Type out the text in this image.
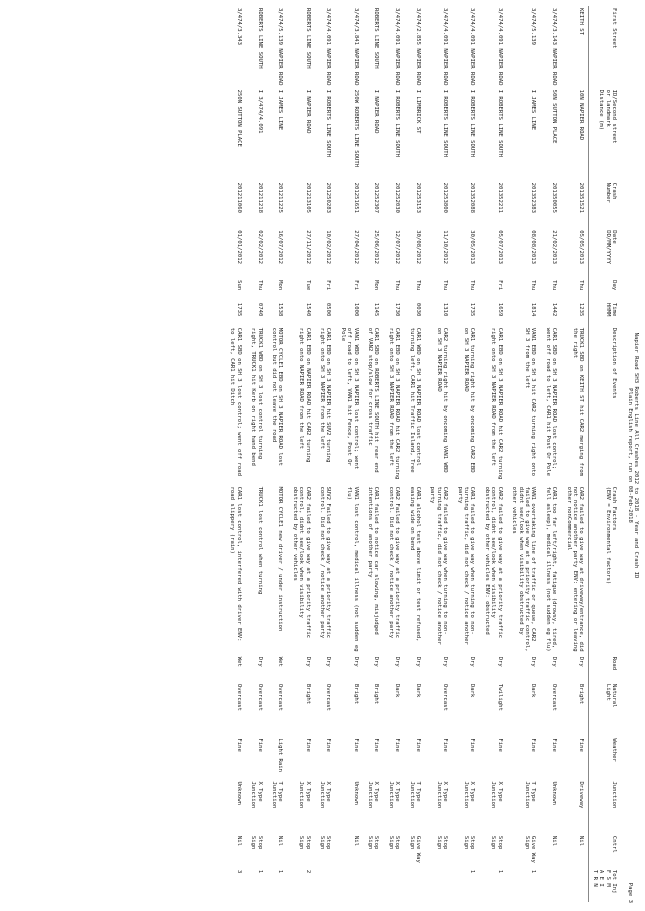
Napier Road SH3 Roberts Line All Crashes 2012 to 2018 - Year and Crash ID
Plain English report, run on 08-Feb-2018
Page 3
First Street	ID/Second street
or landmark
Distance (m)	Crash
Number	Date
DD/MM/YYYY	Day	Time
HHMM	Description of Events	Crash Factors
(ENV = Environmental factors)	Road	Natural
Light	Weather	Junction	Cntrl	Tot Inj
F S M
A E I
T R N
KEITH ST	10N NAPIER ROAD	201351521	05/05/2013	Thu	1235	TRUCK1 SBD on KEITH ST hit CAR2 merging from the right	CAR2 failed to give way at driveway/entrance, did not notice another party ENV: entering or leaving other nonCommercial	Dry	Bright	Fine	Driveway	Nil	
3/474/3.143 NAPIER ROAD	50N SUTTON PLACE	201350055	21/02/2013	Thu	1442	CAR1 SBD on SH 3 NAPIER ROAD lost control; went off road to left, CAR1 hit Post Or Pole	CAR1 too far left/right, fatigue (drowsy, tired, fell asleep), medical illness (not sudden eg flu)	Dry	Overcast	Fine	Unknown	Nil	
3/474/5.139	I JAMES LINE	201352383	08/08/2013	Thu	1814	VAN1 EBD on SH 3 hit CAR2 turning right onto SH 3 from the left	VAN1 overtaking line of traffic or queue, CAR2 failed to give way at a priority traffic control, didnt see/look when visibility obstructed by other vehicles	Dry	Dark	Fine	T Type Junction	Give Way Sign	1
3/474/4.091 NAPIER ROAD	I ROBERTS LINE SOUTH	201352211	05/07/2013	Fri	1659	CAR1 EBD on SH 3 NAPIER ROAD hit CAR2 turning right onto SH 3 NAPIER ROAD from the left	CAR2 failed to give way at a priority traffic control, didnt see/look when visibility obstructed by other vehicles ENV: obstructed	Dry	Twilight	Fine	X Type Junction	Stop Sign	1
3/474/4.091 NAPIER ROAD	I ROBERTS LINE SOUTH	201352088	30/05/2013	Thu	1735	CAR1 turning right hit by oncoming CAR2 EBD on SH 3 NAPIER ROAD	CAR1 failed to give way when turning to non-turning traffic, did not check / notice another party	Dry	Dark	Fine	X Type Junction	Stop Sign	1
3/474/4.091 NAPIER ROAD	I ROBERTS LINE SOUTH	201253800	11/10/2012	Thu	1310	CAR2 turning right hit by oncoming VAN1 WBD on SH 3 NAPIER ROAD	CAR2 failed to give way when turning to non-turning traffic, did not check / notice another party	Dry	Overcast	Fine	X Type Junction	Stop Sign	
3/474/2.855 NAPIER ROAD	I LIMBRICK ST	201253153	30/08/2012	Thu	0030	CAR1 WBD on SH 3 NAPIER ROAD lost control turning left, CAR1 hit Traffic Island, Tree	CAR1 alcohol test above limit or test refused, easing wide on bend	Dry	Dark	Fine	T Type Junction	Give Way Sign	
3/474/4.091 NAPIER ROAD	I ROBERTS LINE SOUTH	201252030	12/07/2012	Thu	1730	CAR1 EBD on SH 3 NAPIER ROAD hit CAR2 turning right onto SH 3 NAPIER ROAD from the left	CAR2 Failed to give way at a priority traffic control. Did not check / notice another party	Dry	Dark	Fine	X Type Junction	Stop Sign	
ROBERTS LINE SOUTH	I NAPIER ROAD	201252307	25/06/2012	Mon	1145	CAR1 SBD on ROBERTS LINE SOUTH hit rear end of VAN2 stop/slow for cross traffic	CAR1 failed to notice car slowing, misjudged intentions of another party	Dry	Bright	Fine	X Type Junction	Stop Sign	
3/474/3.841 NAPIER ROAD	250W ROBERTS LINE SOUTH	201251651	27/04/2012	Fri	1000	VAN1 WBD on SH 3 NAPIER lost control; went off road to left, VAN1 hit Fence, Post Or Pole	VAN1 lost control, medical illness (not sudden eg flu)	Dry	Bright	Fine	Unknown	Nil	
3/474/4.091 NAPIER ROAD	I ROBERTS LINE SOUTH	201250283	10/02/2012	Fri	0500	CAR1 EBD on SH 3 NAPIER hit SUV2 turning right onto SH 3 NAPIER from the left	SUV2 Failed to give way at a priority traffic control. Did not check / notice another party	Dry	Overcast	Fine	X Type Junction	Stop Sign	
ROBERTS LINE SOUTH	I NAPIER ROAD	201213105	27/11/2012	Tue	1540	CAR1 EBD on NAPIER ROAD hit CAR2 turning right onto NAPIER ROAD from the left	CAR2 failed to give way at a priority traffic control, didnt see/look when visibility obstructed by other vehicles	Dry	Bright	Fine	X Type Junction	Stop Sign	2
3/474/5.139 NAPIER ROAD	I JAMES LINE	201211225	16/07/2012	Mon	1538	MOTOR CYCLE1 EBD on SH 3 NAPIER ROAD lost control but did not leave the road	MOTOR CYCLE1 new driver / under instruction	Wet	Overcast	Light Rain	T Type Junction	Nil	1
ROBERTS LINE SOUTH	I 3/474/4.091	201211218	02/02/2012	Thu	0740	TRUCK1 WBD on SH 3 lost control turning right, TRUCK1 hit Kerb on right hand bend	TRUCK1 lost control when turning	Dry	Overcast	Fine	X Type Junction	Stop Sign	1
3/474/3.343	250N SUTTON PLACE	201211060	01/01/2012	Sun	1735	CAR1 SBD on SH 3 lost control; went off road to left, CAR1 hit Ditch	CAR1 lost control, interfered with driver ENV: road slippery (rain)	Wet	Overcast	Fine	Unknown	Nil	3
